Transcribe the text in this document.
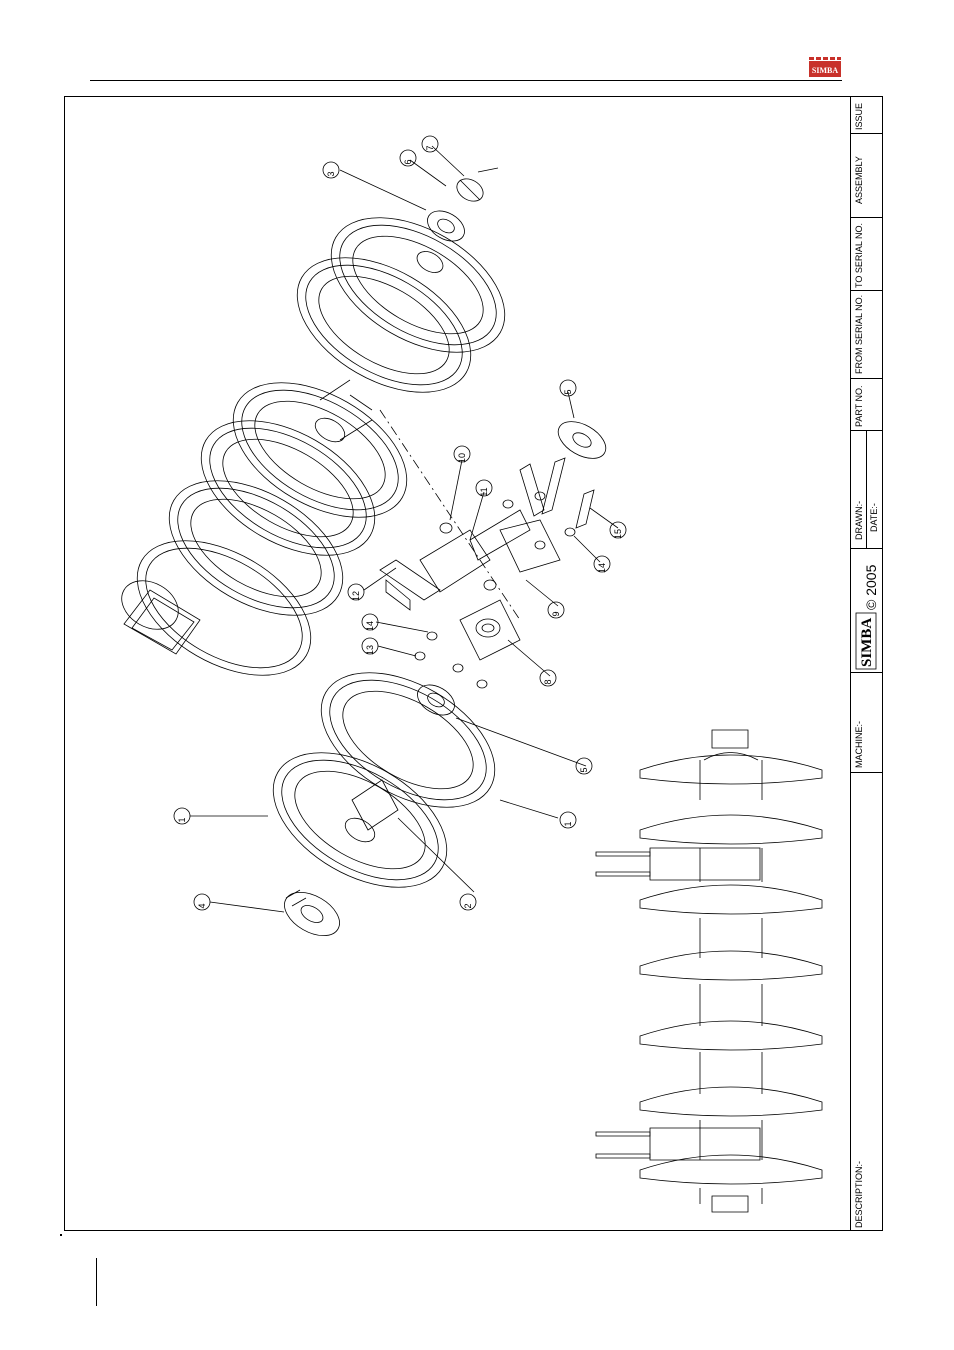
SIMBA
ISSUE
ASSEMBLY
TO SERIAL NO.
FROM SERIAL NO.
PART NO.
DRAWN:- DATE:-
© 2005
SIMBA
MACHINE:-
DESCRIPTION:-
1
1
2
3
4
5
5
6
7
8
9
10
11
12
13
14
14
15
